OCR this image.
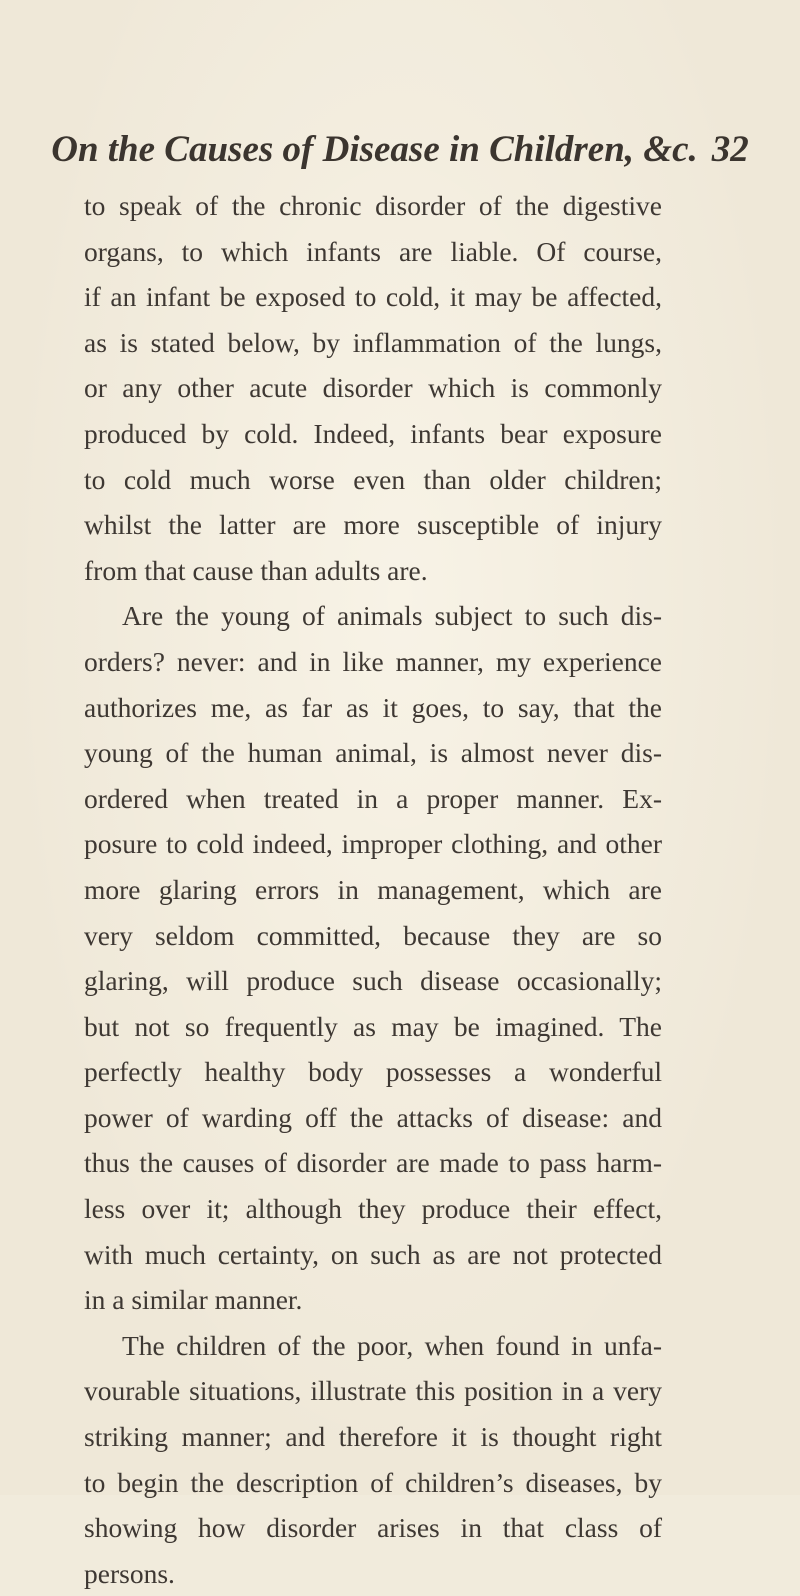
On the Causes of Disease in Children, &c. 32
to speak of the chronic disorder of the digestive
organs, to which infants are liable. Of course,
if an infant be exposed to cold, it may be affected,
as is stated below, by inflammation of the lungs,
or any other acute disorder which is commonly
produced by cold. Indeed, infants bear exposure
to cold much worse even than older children;
whilst the latter are more susceptible of injury
from that cause than adults are.
Are the young of animals subject to such dis-
orders? never: and in like manner, my experience
authorizes me, as far as it goes, to say, that the
young of the human animal, is almost never dis-
ordered when treated in a proper manner. Ex-
posure to cold indeed, improper clothing, and other
more glaring errors in management, which are
very seldom committed, because they are so
glaring, will produce such disease occasionally;
but not so frequently as may be imagined. The
perfectly healthy body possesses a wonderful
power of warding off the attacks of disease: and
thus the causes of disorder are made to pass harm-
less over it; although they produce their effect,
with much certainty, on such as are not protected
in a similar manner.
The children of the poor, when found in unfa-
vourable situations, illustrate this position in a very
striking manner; and therefore it is thought right
to begin the description of children’s diseases, by
showing how disorder arises in that class of
persons.
